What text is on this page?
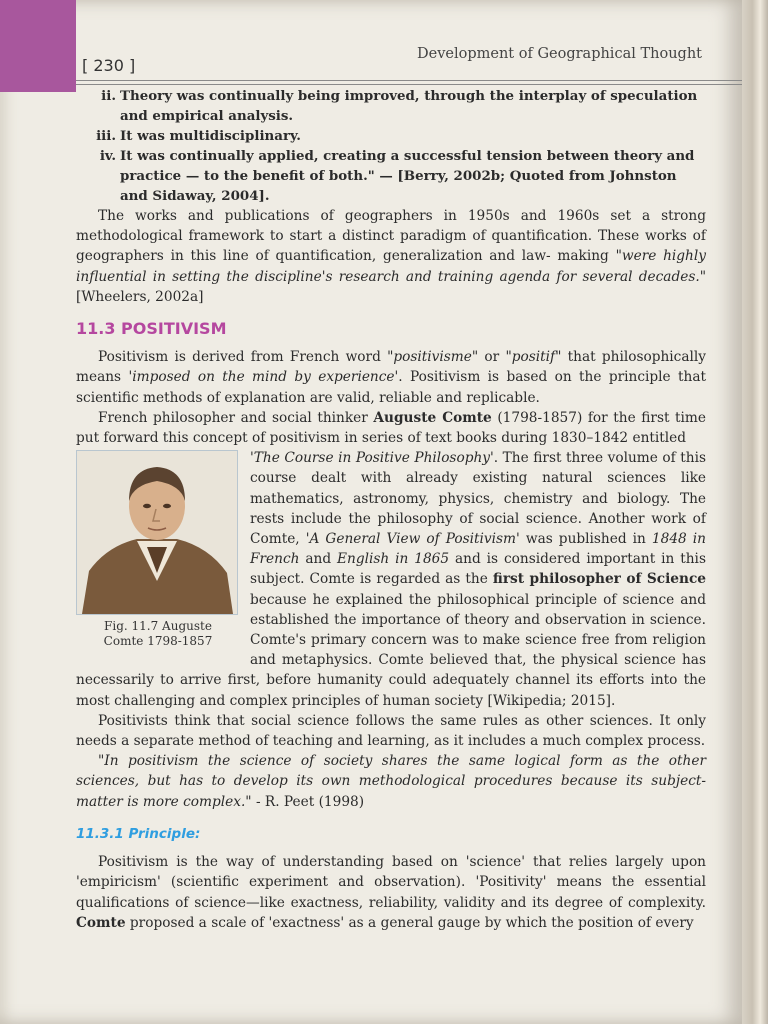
[ 230 ]
Development of Geographical Thought
ii. Theory was continually being improved, through the interplay of speculation and empirical analysis.
iii. It was multidisciplinary.
iv. It was continually applied, creating a successful tension between theory and practice — to the benefit of both." — [Berry, 2002b; Quoted from Johnston and Sidaway, 2004].

The works and publications of geographers in 1950s and 1960s set a strong methodological framework to start a distinct paradigm of quantification. These works of geographers in this line of quantification, generalization and law- making "were highly influential in setting the discipline's research and training agenda for several decades." [Wheelers, 2002a]

11.3 POSITIVISM

Positivism is derived from French word "positivisme" or "positif" that philosophically means 'imposed on the mind by experience'. Positivism is based on the principle that scientific methods of explanation are valid, reliable and replicable.

French philosopher and social thinker Auguste Comte (1798-1857) for the first time put forward this concept of positivism in series of text books during 1830–1842 entitled

Fig. 11.7 Auguste
Comte 1798-1857

'The Course in Positive Philosophy'. The first three volume of this course dealt with already existing natural sciences like mathematics, astronomy, physics, chemistry and biology. The rests include the philosophy of social science. Another work of Comte, 'A General View of Positivism' was published in 1848 in French and English in 1865 and is considered important in this subject. Comte is regarded as the first philosopher of Science because he explained the philosophical principle of science and established the importance of theory and observation in science. Comte's primary concern was to make science free from religion and metaphysics. Comte believed that, the physical science has necessarily to arrive first, before humanity could adequately channel its efforts into the most challenging and complex principles of human society [Wikipedia; 2015].

Positivists think that social science follows the same rules as other sciences. It only needs a separate method of teaching and learning, as it includes a much complex process.

"In positivism the science of society shares the same logical form as the other sciences, but has to develop its own methodological procedures because its subject-matter is more complex." - R. Peet (1998)

11.3.1 Principle:

Positivism is the way of understanding based on 'science' that relies largely upon 'empiricism' (scientific experiment and observation). 'Positivity' means the essential qualifications of science—like exactness, reliability, validity and its degree of complexity. Comte proposed a scale of 'exactness' as a general gauge by which the position of every
